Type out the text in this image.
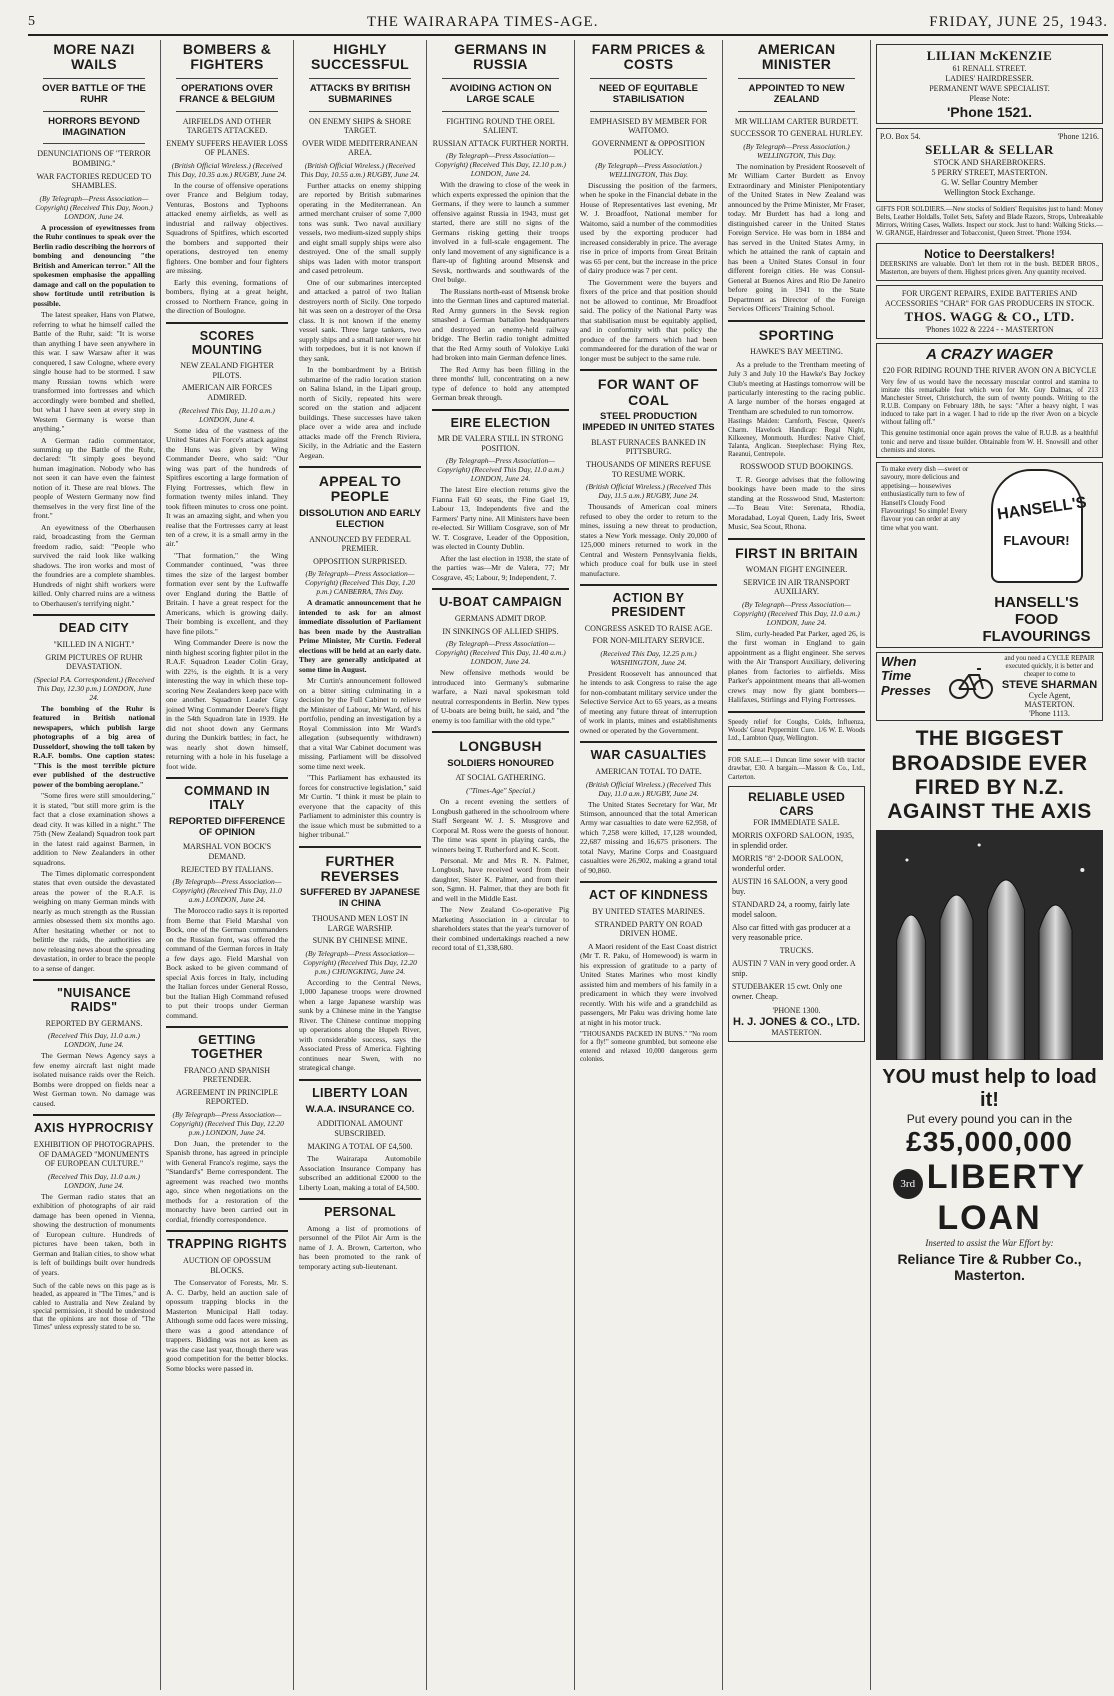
5	THE WAIRARAPA TIMES-AGE.	FRIDAY, JUNE 25, 1943.
MORE NAZI WAILS
OVER BATTLE OF THE RUHR
HORRORS BEYOND IMAGINATION
DENUNCIATIONS OF "TERROR BOMBING."
WAR FACTORIES REDUCED TO SHAMBLES.
(By Telegraph—Press Association—Copyright) (Received This Day, Noon.) LONDON, June 24.
A procession of eyewitnesses from the Ruhr continues to speak over the Berlin radio describing the horrors of bombing and denouncing "the British and American terror." All the spokesmen emphasise the appalling damage and call on the population to show fortitude until retribution is possible.
The latest speaker, Hans von Platwe, referring to what he himself called the Battle of the Ruhr, said: "It is worse than anything I have seen anywhere in this war. I saw Warsaw after it was conquered, I saw Cologne, where every single house had to be stormed. I saw many Russian towns which were transformed into fortresses and which accordingly were bombed and shelled, but what I have seen at every step in Western Germany is worse than anything."
A German radio commentator, summing up the Battle of the Ruhr, declared: "It simply goes beyond human imagination. Nobody who has not seen it can have even the faintest notion of it. These are real blows. The people of Western Germany now find themselves in the very first line of the front."
An eyewitness of the Oberhausen raid, broadcasting from the German freedom radio, said: "People who survived the raid look like walking shadows. The iron works and most of the foundries are a complete shambles. Hundreds of night shift workers were killed. Only charred ruins are a witness to Oberhausen's terrifying night."
DEAD CITY
"KILLED IN A NIGHT."
GRIM PICTURES OF RUHR DEVASTATION.
(Special P.A. Correspondent.) (Received This Day, 12.30 p.m.) LONDON, June 24.
The bombing of the Ruhr is featured in British national newspapers, which publish large photographs of a big area of Dusseldorf, showing the toll taken by R.A.F. bombs. One caption states: "This is the most terrible picture ever published of the destructive power of the bombing aeroplane."
"Some fires were still smouldering," it is stated, "but still more grim is the fact that a close examination shows a dead city. It was killed in a night." The 75th (New Zealand) Squadron took part in the latest raid against Barmen, in addition to New Zealanders in other squadrons.
The Times diplomatic correspondent states that even outside the devastated areas the power of the R.A.F. is weighing on many German minds with nearly as much strength as the Russian armies obsessed them six months ago. After hesitating whether or not to belittle the raids, the authorities are now releasing news about the spreading devastation, in order to brace the people to a sense of danger.
"NUISANCE RAIDS"
REPORTED BY GERMANS.
(Received This Day, 11.0 a.m.) LONDON, June 24.
The German News Agency says a few enemy aircraft last night made isolated nuisance raids over the Reich. Bombs were dropped on fields near a West German town. No damage was caused.
AXIS HYPROCRISY
EXHIBITION OF PHOTOGRAPHS. OF DAMAGED "MONUMENTS OF EUROPEAN CULTURE."
(Received This Day, 11.0 a.m.) LONDON, June 24.
The German radio states that an exhibition of photographs of air raid damage has been opened in Vienna, showing the destruction of monuments of European culture. Hundreds of pictures have been taken, both in German and Italian cities, to show what is left of buildings built over hundreds of years.
Such of the cable news on this page as is headed, as appeared in "The Times," and is cabled to Australia and New Zealand by special permission, it should be understood that the opinions are not those of "The Times" unless expressly stated to be so.
BOMBERS & FIGHTERS
OPERATIONS OVER FRANCE & BELGIUM
AIRFIELDS AND OTHER TARGETS ATTACKED.
ENEMY SUFFERS HEAVIER LOSS OF PLANES.
(British Official Wireless.) (Received This Day, 10.35 a.m.) RUGBY, June 24.
In the course of offensive operations over France and Belgium today, Venturas, Bostons and Typhoons attacked enemy airfields, as well as industrial and railway objectives. Squadrons of Spitfires, which escorted the bombers and supported their operations, destroyed ten enemy fighters. One bomber and four fighters are missing.
Early this evening, formations of bombers, flying at a great height, crossed to Northern France, going in the direction of Boulogne.
SCORES MOUNTING
NEW ZEALAND FIGHTER PILOTS.
AMERICAN AIR FORCES ADMIRED.
(Received This Day, 11.10 a.m.) LONDON, June 4.
Some idea of the vastness of the United States Air Force's attack against the Huns was given by Wing Commander Deere, who said: "Our wing was part of the hundreds of Spitfires escorting a large formation of Flying Fortresses, which flew in formation twenty miles inland. They took fifteen minutes to cross one point. It was an amazing sight, and when you realise that the Fortresses carry at least ten of a crew, it is a small army in the air."
"That formation," the Wing Commander continued, "was three times the size of the largest bomber formation ever sent by the Luftwaffe over England during the Battle of Britain. I have a great respect for the Americans, which is growing daily. Their bombing is excellent, and they have fine pilots."
Wing Commander Deere is now the ninth highest scoring fighter pilot in the R.A.F. Squadron Leader Colin Gray, with 22½, is the eighth. It is a very interesting the way in which these top-scoring New Zealanders keep pace with one another. Squadron Leader Gray joined Wing Commander Deere's flight in the 54th Squadron late in 1939. He did not shoot down any Germans during the Dunkirk battles; in fact, he was nearly shot down himself, returning with a hole in his fuselage a foot wide.
COMMAND IN ITALY
REPORTED DIFFERENCE OF OPINION
MARSHAL VON BOCK'S DEMAND.
REJECTED BY ITALIANS.
(By Telegraph—Press Association—Copyright) (Received This Day, 11.0 a.m.) LONDON, June 24.
The Morocco radio says it is reported from Berne that Field Marshal von Bock, one of the German commanders on the Russian front, was offered the command of the German forces in Italy a few days ago. Field Marshal von Bock asked to be given command of special Axis forces in Italy, including the Italian forces under General Rosso, but the Italian High Command refused to put their troops under German command.
GETTING TOGETHER
FRANCO AND SPANISH PRETENDER.
AGREEMENT IN PRINCIPLE REPORTED.
(By Telegraph—Press Association—Copyright) (Received This Day, 12.20 p.m.) LONDON, June 24.
Don Juan, the pretender to the Spanish throne, has agreed in principle with General Franco's regime, says the "Standard's" Berne correspondent. The agreement was reached two months ago, since when negotiations on the methods for a restoration of the monarchy have been carried out in cordial, friendly correspondence.
TRAPPING RIGHTS
AUCTION OF OPOSSUM BLOCKS.
The Conservator of Forests, Mr. S. A. C. Darby, held an auction sale of opossum trapping blocks in the Masterton Municipal Hall today. Although some odd faces were missing, there was a good attendance of trappers. Bidding was not as keen as was the case last year, though there was good competition for the better blocks. Some blocks were passed in.
HIGHLY SUCCESSFUL
ATTACKS BY BRITISH SUBMARINES
ON ENEMY SHIPS & SHORE TARGET.
OVER WIDE MEDITERRANEAN AREA.
(British Official Wireless.) (Received This Day, 10.55 a.m.) RUGBY, June 24.
Further attacks on enemy shipping are reported by British submarines operating in the Mediterranean. An armed merchant cruiser of some 7,000 tons was sunk. Two naval auxiliary vessels, two medium-sized supply ships and eight small supply ships were also destroyed. One of the small supply ships was laden with motor transport and cased petroleum.
One of our submarines intercepted and attacked a patrol of two Italian destroyers north of Sicily. One torpedo hit was seen on a destroyer of the Orsa class. It is not known if the enemy vessel sank. Three large tankers, two supply ships and a small tanker were hit with torpedoes, but it is not known if they sank.
In the bombardment by a British submarine of the radio location station on Salina Island, in the Lipari group, north of Sicily, repeated hits were scored on the station and adjacent buildings. These successes have taken place over a wide area and include attacks made off the French Riviera, Sicily, in the Adriatic and the Eastern Aegean.
APPEAL TO PEOPLE
DISSOLUTION AND EARLY ELECTION
ANNOUNCED BY FEDERAL PREMIER.
OPPOSITION SURPRISED.
(By Telegraph—Press Association—Copyright) (Received This Day, 1.20 p.m.) CANBERRA, This Day.
A dramatic announcement that he intended to ask for an almost immediate dissolution of Parliament has been made by the Australian Prime Minister, Mr Curtin. Federal elections will be held at an early date. They are generally anticipated at some time in August.
Mr Curtin's announcement followed on a bitter sitting culminating in a decision by the Full Cabinet to relieve the Minister of Labour, Mr Ward, of his portfolio, pending an investigation by a Royal Commission into Mr Ward's allegation (subsequently withdrawn) that a vital War Cabinet document was missing. Parliament will be dissolved some time next week.
"This Parliament has exhausted its forces for constructive legislation," said Mr Curtin. "I think it must be plain to everyone that the capacity of this Parliament to administer this country is the issue which must be submitted to a higher tribunal."
FURTHER REVERSES
SUFFERED BY JAPANESE IN CHINA
THOUSAND MEN LOST IN LARGE WARSHIP.
SUNK BY CHINESE MINE.
(By Telegraph—Press Association—Copyright) (Received This Day, 12.20 p.m.) CHUNGKING, June 24.
According to the Central News, 1,000 Japanese troops were drowned when a large Japanese warship was sunk by a Chinese mine in the Yangtse River. The Chinese continue mopping up operations along the Hupeh River, with considerable success, says the Associated Press of America. Fighting continues near Swen, with no strategical change.
LIBERTY LOAN
W.A.A. INSURANCE CO.
ADDITIONAL AMOUNT SUBSCRIBED.
MAKING A TOTAL OF £4,500.
The Wairarapa Automobile Association Insurance Company has subscribed an additional £2000 to the Liberty Loan, making a total of £4,500.
PERSONAL
Among a list of promotions of personnel of the Pilot Air Arm is the name of J. A. Brown, Carterton, who has been promoted to the rank of temporary acting sub-lieutenant.
GERMANS IN RUSSIA
AVOIDING ACTION ON LARGE SCALE
FIGHTING ROUND THE OREL SALIENT.
RUSSIAN ATTACK FURTHER NORTH.
(By Telegraph—Press Association—Copyright) (Received This Day, 12.10 p.m.) LONDON, June 24.
With the drawing to close of the week in which experts expressed the opinion that the Germans, if they were to launch a summer offensive against Russia in 1943, must get started, there are still no signs of the Germans risking getting their troops involved in a full-scale engagement. The only land movement of any significance is a flare-up of fighting around Mtsensk and Sevsk, northwards and southwards of the Orel bulge.
The Russians north-east of Mtsensk broke into the German lines and captured material. Red Army gunners in the Sevsk region smashed a German battalion headquarters and destroyed an enemy-held railway bridge. The Berlin radio tonight admitted that the Red Army south of Volokiye Luki had broken into main German defence lines.
The Red Army has been filling in the three months' lull, concentrating on a new type of defence to hold any attempted German break through.
EIRE ELECTION
MR DE VALERA STILL IN STRONG POSITION.
(By Telegraph—Press Association—Copyright) (Received This Day, 11.0 a.m.) LONDON, June 24.
The latest Eire election returns give the Fianna Fail 60 seats, the Fine Gael 19, Labour 13, Independents five and the Farmers' Party nine. All Ministers have been re-elected. Sir William Cosgrave, son of Mr W. T. Cosgrave, Leader of the Opposition, was elected in County Dublin.
After the last election in 1938, the state of the parties was—Mr de Valera, 77; Mr Cosgrave, 45; Labour, 9; Independent, 7.
U-BOAT CAMPAIGN
GERMANS ADMIT DROP.
IN SINKINGS OF ALLIED SHIPS.
(By Telegraph—Press Association—Copyright) (Received This Day, 11.40 a.m.) LONDON, June 24.
New offensive methods would be introduced into Germany's submarine warfare, a Nazi naval spokesman told neutral correspondents in Berlin. New types of U-boats are being built, he said, and "the enemy is too familiar with the old type."
LONGBUSH
SOLDIERS HONOURED
AT SOCIAL GATHERING.
("Times-Age" Special.)
On a recent evening the settlers of Longbush gathered in the schoolroom where Staff Sergeant W. J. S. Musgrove and Corporal M. Ross were the guests of honour. The time was spent in playing cards, the winners being T. Rutherford and K. Scott.
Personal. Mr and Mrs R. N. Palmer, Longbush, have received word from their daughter, Sister K. Palmer, and from their son, Sgmn. H. Palmer, that they are both fit and well in the Middle East.
The New Zealand Co-operative Pig Marketing Association in a circular to shareholders states that the year's turnover of their combined undertakings reached a new record total of £1,338,680.
FARM PRICES & COSTS
NEED OF EQUITABLE STABILISATION
EMPHASISED BY MEMBER FOR WAITOMO.
GOVERNMENT & OPPOSITION POLICY.
(By Telegraph—Press Association.) WELLINGTON, This Day.
Discussing the position of the farmers, when he spoke in the Financial debate in the House of Representatives last evening, Mr W. J. Broadfoot, National member for Waitomo, said a number of the commodities used by the exporting producer had increased considerably in price. The average rise in price of imports from Great Britain was 65 per cent, but the increase in the price of dairy produce was 7 per cent.
The Government were the buyers and fixers of the price and that position should not be allowed to continue, Mr Broadfoot said. The policy of the National Party was that stabilisation must be equitably applied, and in conformity with that policy the produce of the farmers which had been commandeered for the duration of the war or longer must be subject to the same rule.
FOR WANT OF COAL
STEEL PRODUCTION IMPEDED IN UNITED STATES
BLAST FURNACES BANKED IN PITTSBURG.
THOUSANDS OF MINERS REFUSE TO RESUME WORK.
(British Official Wireless.) (Received This Day, 11.5 a.m.) RUGBY, June 24.
Thousands of American coal miners refused to obey the order to return to the mines, issuing a new threat to production, states a New York message. Only 20,000 of 125,000 miners returned to work in the Central and Western Pennsylvania fields, which produce coal for bulk use in steel manufacture.
ACTION BY PRESIDENT
CONGRESS ASKED TO RAISE AGE.
FOR NON-MILITARY SERVICE.
(Received This Day, 12.25 p.m.) WASHINGTON, June 24.
President Roosevelt has announced that he intends to ask Congress to raise the age for non-combatant military service under the Selective Service Act to 65 years, as a means of meeting any future threat of interruption of work in plants, mines and establishments owned or operated by the Government.
WAR CASUALTIES
AMERICAN TOTAL TO DATE.
(British Official Wireless.) (Received This Day, 11.0 a.m.) RUGBY, June 24.
The United States Secretary for War, Mr Stimson, announced that the total American Army war casualties to date were 62,958, of which 7,258 were killed, 17,128 wounded, 22,687 missing and 16,675 prisoners. The total Navy, Marine Corps and Coastguard casualties were 26,902, making a grand total of 90,860.
ACT OF KINDNESS
BY UNITED STATES MARINES.
STRANDED PARTY ON ROAD DRIVEN HOME.
A Maori resident of the East Coast district (Mr T. R. Paku, of Homewood) is warm in his expression of gratitude to a party of United States Marines who most kindly assisted him and members of his family in a predicament in which they were involved recently. With his wife and a grandchild as passengers, Mr Paku was driving home late at night in his motor truck.
"THOUSANDS PACKED IN BUNS." "No room for a fly!" someone grumbled, but someone else entered and relaxed 10,000 dangerous germ colonies.
AMERICAN MINISTER
APPOINTED TO NEW ZEALAND
MR WILLIAM CARTER BURDETT.
SUCCESSOR TO GENERAL HURLEY.
(By Telegraph—Press Association.) WELLINGTON, This Day.
The nomination by President Roosevelt of Mr William Carter Burdett as Envoy Extraordinary and Minister Plenipotentiary of the United States in New Zealand was announced by the Prime Minister, Mr Fraser, today. Mr Burdett has had a long and distinguished career in the United States Foreign Service. He was born in 1884 and has served in the United States Army, in which he attained the rank of captain and has been a United States Consul in four different foreign cities. He was Consul-General at Buenos Aires and Rio De Janeiro before going in 1941 to the State Department as Director of the Foreign Services Officers' Training School.
SPORTING
HAWKE'S BAY MEETING.
As a prelude to the Trentham meeting of July 3 and July 10 the Hawke's Bay Jockey Club's meeting at Hastings tomorrow will be particularly interesting to the racing public. A large number of the horses engaged at Trentham are scheduled to run tomorrow.
Hastings Maiden: Carnforth, Fescue, Queen's Charm. Havelock Handicap: Regal Night, Kilkeeney, Monmouth. Hurdles: Native Chief, Talanta, Anglican. Steeplechase: Flying Rex, Raeanui, Centrepole.
ROSSWOOD STUD BOOKINGS.
T. R. George advises that the following bookings have been made to the sires standing at the Rosswood Stud, Masterton:—To Beau Vite: Serenata, Rhodia, Moradabad, Loyal Queen, Lady Iris, Sweet Music, Sea Scout, Rhona.
FIRST IN BRITAIN
WOMAN FIGHT ENGINEER.
SERVICE IN AIR TRANSPORT AUXILIARY.
(By Telegraph—Press Association—Copyright) (Received This Day, 11.0 a.m.) LONDON, June 24.
Slim, curly-headed Pat Parker, aged 26, is the first woman in England to gain appointment as a flight engineer. She serves with the Air Transport Auxiliary, delivering planes from factories to airfields. Miss Parker's appointment means that all-women crews may now fly giant bombers—Halifaxes, Stirlings and Flying Fortresses.
Speedy relief for Coughs, Colds, Influenza, Woods' Great Peppermint Cure. 1/6 W. E. Woods Ltd., Lambton Quay, Wellington.
FOR SALE.—1 Duncan lime sower with tractor drawbar, £30. A bargain.—Masson & Co., Ltd., Carterton.
RELIABLE USED CARS
FOR IMMEDIATE SALE.
MORRIS OXFORD SALOON, 1935, in splendid order.
MORRIS "8" 2-DOOR SALOON, wonderful order.
AUSTIN 16 SALOON, a very good buy.
STANDARD 24, a roomy, fairly late model saloon.
Also car fitted with gas producer at a very reasonable price.
TRUCKS.
AUSTIN 7 VAN in very good order. A snip.
STUDEBAKER 15 cwt. Only one owner. Cheap.
'PHONE 1300.
H. J. JONES & CO., LTD.
MASTERTON.
LILIAN McKENZIE
61 RENALL STREET.
LADIES' HAIRDRESSER.
PERMANENT WAVE SPECIALIST.
Please Note:
'Phone 1521.
P.O. Box 54.	'Phone 1216.
SELLAR & SELLAR
STOCK AND SHAREBROKERS.
5 PERRY STREET, MASTERTON.
G. W. Sellar Country Member
Wellington Stock Exchange.
GIFTS FOR SOLDIERS.—New stocks of Soldiers' Requisites just to hand: Money Belts, Leather Holdalls, Toilet Sets, Safety and Blade Razors, Strops, Unbreakable Mirrors, Writing Cases, Wallets. Inspect our stock. Just to hand: Walking Sticks.—W. GRANGE, Hairdresser and Tobacconist, Queen Street. 'Phone 1934.
Notice to Deerstalkers!
DEERSKINS are valuable. Don't let them rot in the bush. BEDER BROS., Masterton, are buyers of them. Highest prices given. Any quantity received.
FOR URGENT REPAIRS, EXIDE BATTERIES AND ACCESSORIES "CHAR" FOR GAS PRODUCERS IN STOCK.
THOS. WAGG & CO., LTD.
'Phones 1022 & 2224 - - MASTERTON
A CRAZY WAGER
£20 FOR RIDING ROUND THE RIVER AVON ON A BICYCLE
Very few of us would have the necessary muscular control and stamina to imitate this remarkable feat which won for Mr. Guy Dalmas, of 213 Manchester Street, Christchurch, the sum of twenty pounds. Writing to the R.U.B. Company on February 18th, he says: "After a heavy night, I was induced to take part in a wager. I had to ride up the river Avon on a bicycle without falling off."
This genuine testimonial once again proves the value of R.U.B. as a healthful tonic and nerve and tissue builder. Obtainable from W. H. Snowsill and other chemists and stores.
To make every dish —sweet or savoury, more delicious and appetising— housewives enthusiastically turn to few of Hansell's Cloudy Food Flavourings! So simple! Every flavour you can order at any time what you want.
HANSELL'S
FLAVOUR!
HANSELL'S FOOD FLAVOURINGS
When Time Presses
and you need a CYCLE REPAIR executed quickly, it is better and cheaper to come to
STEVE SHARMAN
Cycle Agent,
MASTERTON.
'Phone 1113.
THE BIGGEST BROADSIDE EVER FIRED BY N.Z. AGAINST THE AXIS
YOU must help to load it!
Put every pound you can in the
£35,000,000
3rd LIBERTY LOAN
Inserted to assist the War Effort by:
Reliance Tire & Rubber Co., Masterton.
